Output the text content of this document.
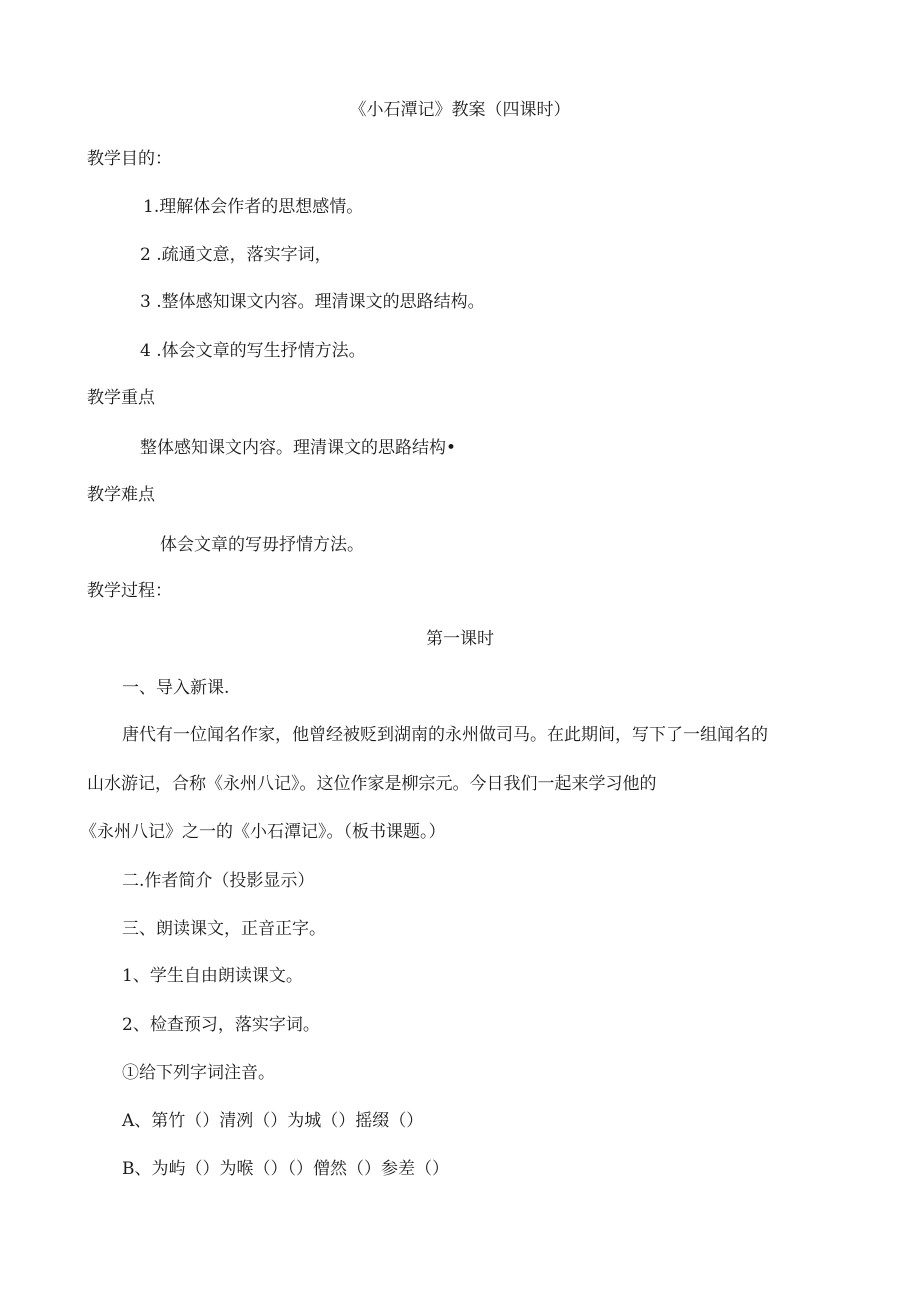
《小石潭记》教案（四课时）

教学目的：

1.理解体会作者的思想感情。

2 .疏通文意，落实字词，

3 .整体感知课文内容。理清课文的思路结构。

4 .体会文章的写生抒情方法。

教学重点

整体感知课文内容。理清课文的思路结构•

教学难点

体会文章的写毋抒情方法。

教学过程：

第一课时

一、导入新课.

唐代有一位闻名作家，他曾经被贬到湖南的永州做司马。在此期间，写下了一组闻名的

山水游记，合称《永州八记》。这位作家是柳宗元。今日我们一起来学习他的

《永州八记》之一的《小石潭记》。（板书课题。）

二.作者简介（投影显示）

三、朗读课文，正音正字。

1、学生自由朗读课文。

2、检查预习，落实字词。

①给下列字词注音。

A、第竹（）清冽（）为城（）摇缀（）

B、为屿（）为喉（）（）僧然（）参差（）
